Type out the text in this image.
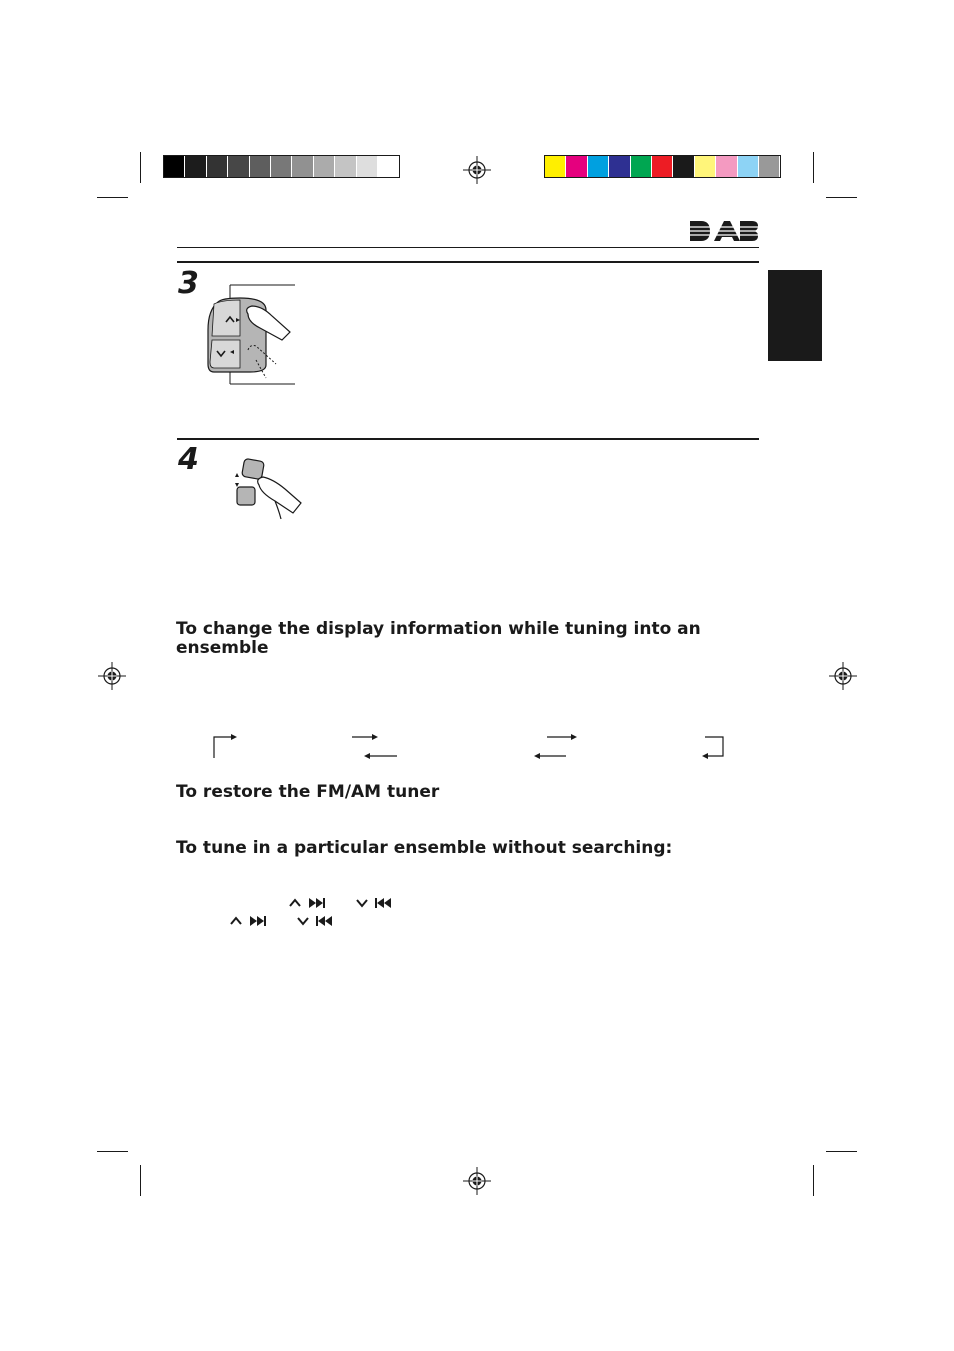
DAB
3
4
To change the display information while tuning into an ensemble
To restore the FM/AM tuner
To tune in a particular ensemble without searching:
